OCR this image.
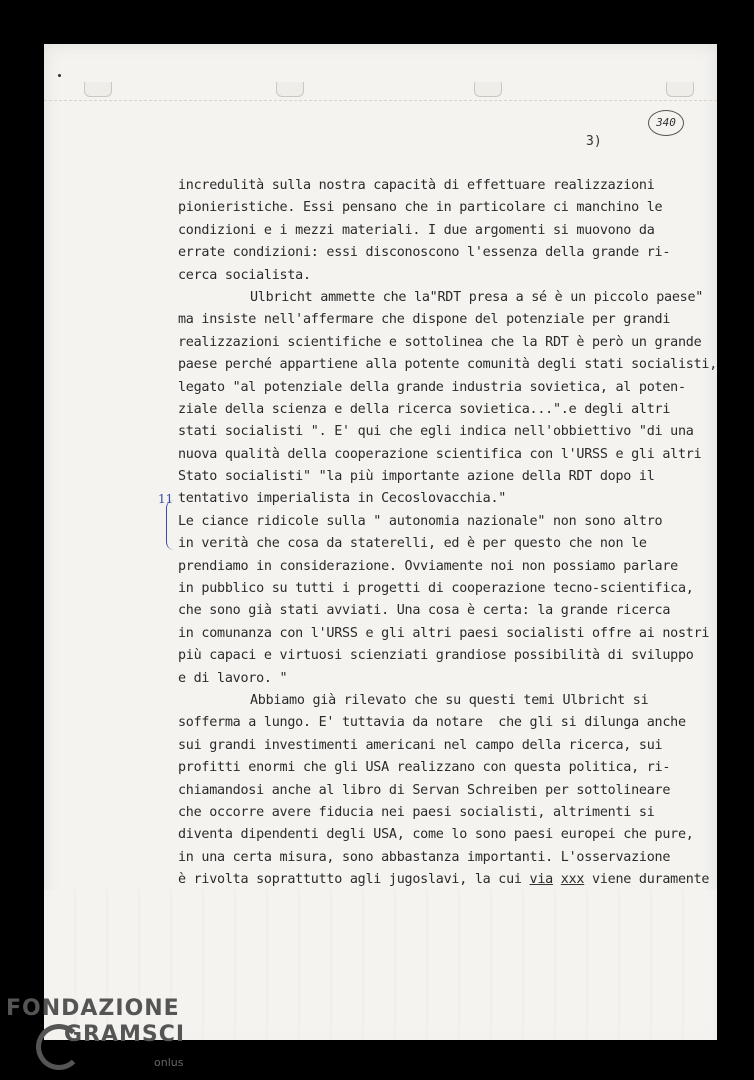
3)
340
11
incredulità sulla nostra capacità di effettuare realizzazioni
pionieristiche. Essi pensano che in particolare ci manchino le
condizioni e i mezzi materiali. I due argomenti si muovono da
errate condizioni: essi disconoscono l'essenza della grande ri-
cerca socialista.
Ulbricht ammette che la"RDT presa a sé è un piccolo paese"
ma insiste nell'affermare che dispone del potenziale per grandi
realizzazioni scientifiche e sottolinea che la RDT è però un grande
paese perché appartiene alla potente comunità degli stati socialisti,
legato "al potenziale della grande industria sovietica, al poten-
ziale della scienza e della ricerca sovietica...".e degli altri
stati socialisti ". E' qui che egli indica nell'obbiettivo "di una
nuova qualità della cooperazione scientifica con l'URSS e gli altri
Stato socialisti" "la più importante azione della RDT dopo il
tentativo imperialista in Cecoslovacchia."
Le ciance ridicole sulla " autonomia nazionale" non sono altro
in verità che cosa da staterelli, ed è per questo che non le
prendiamo in considerazione. Ovviamente noi non possiamo parlare
in pubblico su tutti i progetti di cooperazione tecno-scientifica,
che sono già stati avviati. Una cosa è certa: la grande ricerca
in comunanza con l'URSS e gli altri paesi socialisti offre ai nostri
più capaci e virtuosi scienziati grandiose possibilità di sviluppo
e di lavoro. "
Abbiamo già rilevato che su questi temi Ulbricht si
sofferma a lungo. E' tuttavia da notare  che gli si dilunga anche
sui grandi investimenti americani nel campo della ricerca, sui
profitti enormi che gli USA realizzano con questa politica, ri-
chiamandosi anche al libro di Servan Schreiben per sottolineare
che occorre avere fiducia nei paesi socialisti, altrimenti si
diventa dipendenti degli USA, come lo sono paesi europei che pure,
in una certa misura, sono abbastanza importanti. L'osservazione
è rivolta soprattutto agli jugoslavi, la cui via xxx viene duramente
FONDAZIONE
GRAMSCI
onlus
